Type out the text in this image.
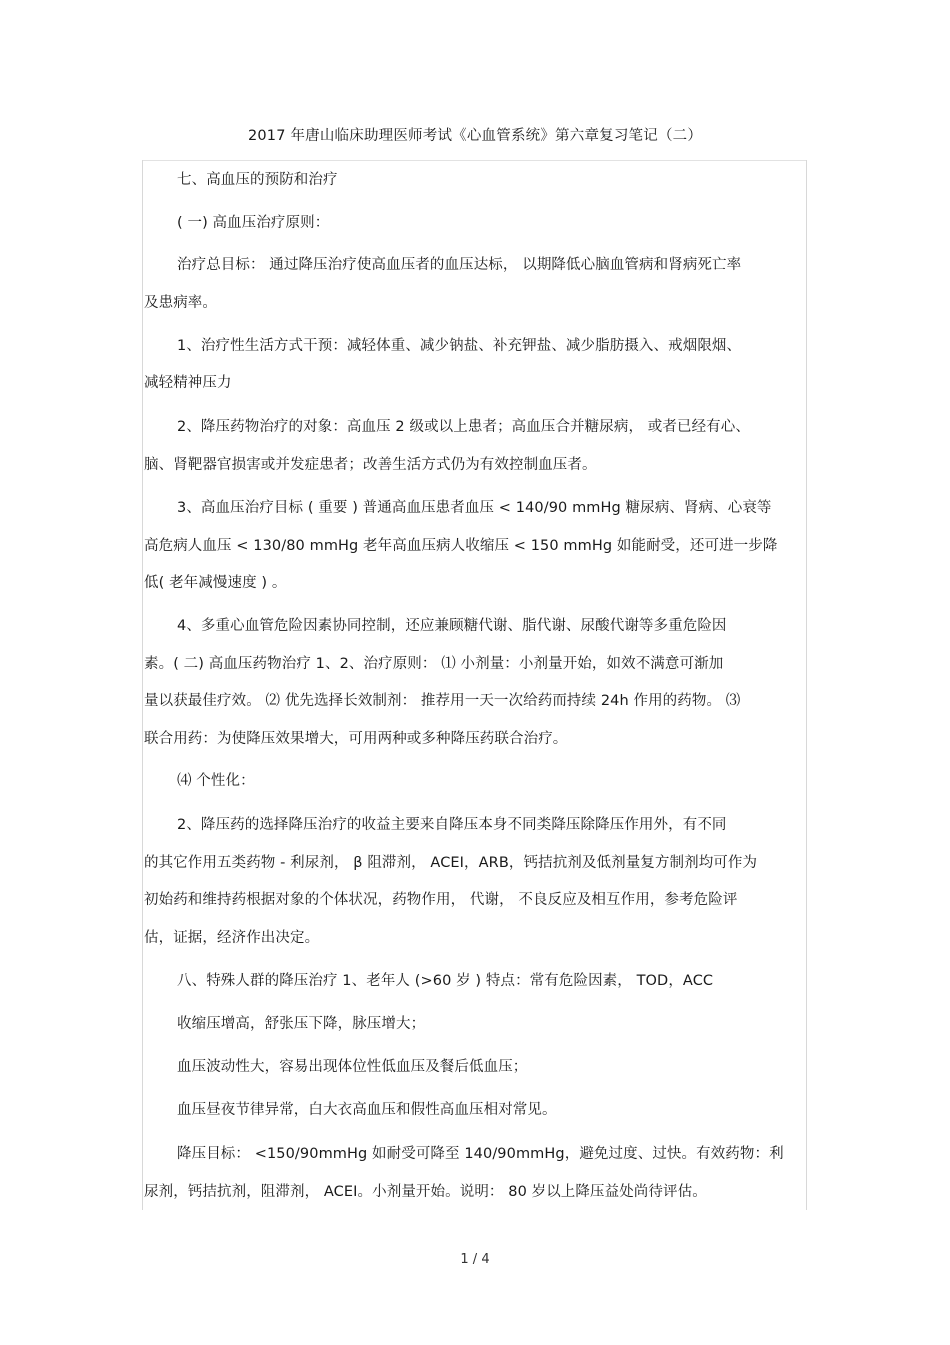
2017 年唐山临床助理医师考试《心血管系统》第六章复习笔记（二）
七、高血压的预防和治疗
( 一) 高血压治疗原则：
治疗总目标： 通过降压治疗使高血压者的血压达标， 以期降低心脑血管病和肾病死亡率
及患病率。
1、治疗性生活方式干预：减轻体重、减少钠盐、补充钾盐、减少脂肪摄入、戒烟限烟、
减轻精神压力
2、降压药物治疗的对象：高血压 2 级或以上患者；高血压合并糖尿病， 或者已经有心、
脑、肾靶器官损害或并发症患者；改善生活方式仍为有效控制血压者。
3、高血压治疗目标 ( 重要 ) 普通高血压患者血压 < 140/90 mmHg 糖尿病、肾病、心衰等
高危病人血压 < 130/80 mmHg 老年高血压病人收缩压 < 150 mmHg 如能耐受，还可进一步降
低( 老年减慢速度 ) 。
4、多重心血管危险因素协同控制，还应兼顾糖代谢、脂代谢、尿酸代谢等多重危险因
素。( 二) 高血压药物治疗 1、2、治疗原则： ⑴ 小剂量：小剂量开始，如效不满意可渐加
量以获最佳疗效。 ⑵ 优先选择长效制剂： 推荐用一天一次给药而持续 24h 作用的药物。 ⑶
联合用药：为使降压效果增大，可用两种或多种降压药联合治疗。
⑷ 个性化：
2、降压药的选择降压治疗的收益主要来自降压本身不同类降压除降压作用外，有不同
的其它作用五类药物 - 利尿剂， β 阻滞剂， ACEI，ARB，钙拮抗剂及低剂量复方制剂均可作为
初始药和维持药根据对象的个体状况，药物作用， 代谢， 不良反应及相互作用，参考危险评
估，证据，经济作出决定。
八、特殊人群的降压治疗 1、老年人 (>60 岁 ) 特点：常有危险因素， TOD，ACC
收缩压增高，舒张压下降，脉压增大；
血压波动性大，容易出现体位性低血压及餐后低血压；
血压昼夜节律异常，白大衣高血压和假性高血压相对常见。
降压目标： <150/90mmHg 如耐受可降至 140/90mmHg，避免过度、过快。有效药物：利
尿剂，钙拮抗剂，阻滞剂， ACEI。小剂量开始。说明： 80 岁以上降压益处尚待评估。
1 / 4
